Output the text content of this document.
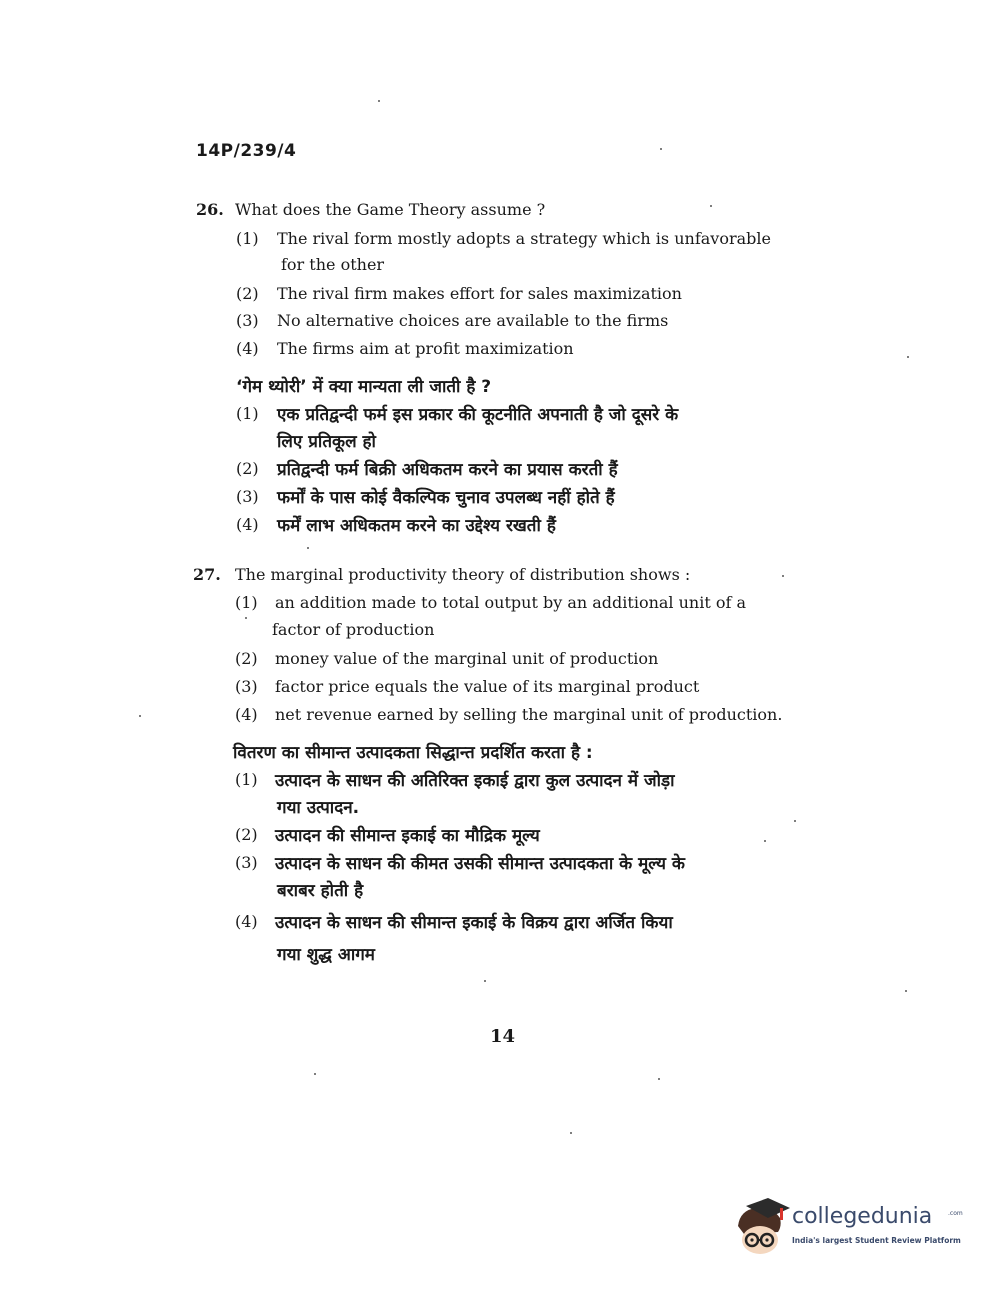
14P/239/4
26. What does the Game Theory assume ?
(1) The rival form mostly adopts a strategy which is unfavorable
for the other
(2) The rival firm makes effort for sales maximization
(3) No alternative choices are available to the firms
(4) The firms aim at profit maximization
‘गेम थ्योरी’ में क्या मान्यता ली जाती है ?
(1) एक प्रतिद्वन्दी फर्म इस प्रकार की कूटनीति अपनाती है जो दूसरे के
लिए प्रतिकूल हो
(2) प्रतिद्वन्दी फर्म बिक्री अधिकतम करने का प्रयास करती हैं
(3) फर्मों के पास कोई वैकल्पिक चुनाव उपलब्ध नहीं होते हैं
(4) फर्में लाभ अधिकतम करने का उद्देश्य रखती हैं
27. The marginal productivity theory of distribution shows :
(1) an addition made to total output by an additional unit of a
factor of production
(2) money value of the marginal unit of production
(3) factor price equals the value of its marginal product
(4) net revenue earned by selling the marginal unit of production.
वितरण का सीमान्त उत्पादकता सिद्धान्त प्रदर्शित करता है :
(1) उत्पादन के साधन की अतिरिक्त इकाई द्वारा कुल उत्पादन में जोड़ा
गया उत्पादन.
(2) उत्पादन की सीमान्त इकाई का मौद्रिक मूल्य
(3) उत्पादन के साधन की कीमत उसकी सीमान्त उत्पादकता के मूल्य के
बराबर होती है
(4) उत्पादन के साधन की सीमान्त इकाई के विक्रय द्वारा अर्जित किया
गया शुद्ध आगम
14
collegedunia	.com
India's largest Student Review Platform
